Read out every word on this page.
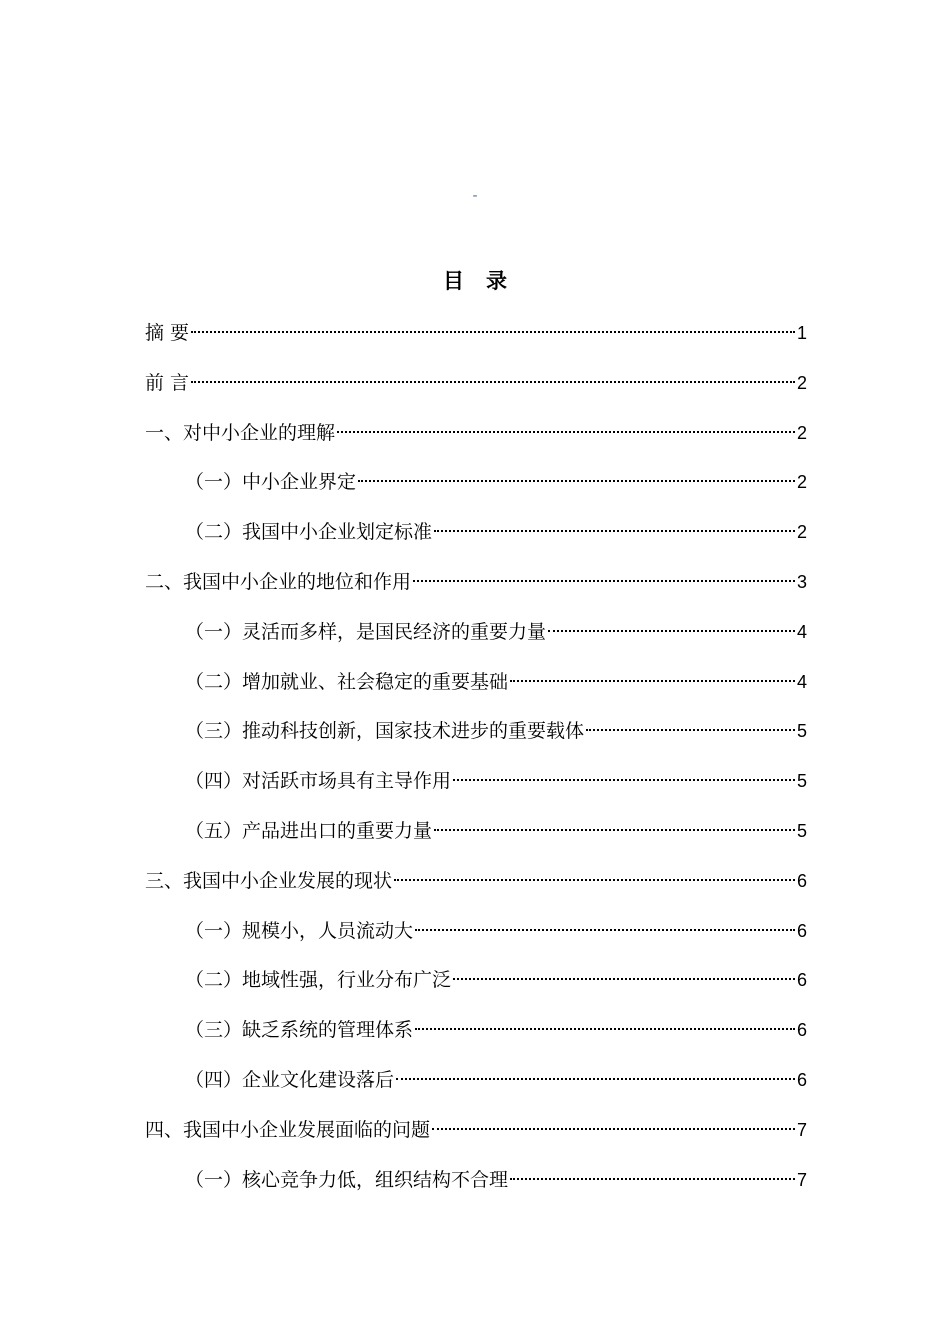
-
目录
摘 要	1
前 言	2
一、对中小企业的理解	2
（一）中小企业界定	2
（二）我国中小企业划定标准	2
二、我国中小企业的地位和作用	3
（一）灵活而多样，是国民经济的重要力量	4
（二）增加就业、社会稳定的重要基础	4
（三）推动科技创新，国家技术进步的重要载体	5
（四）对活跃市场具有主导作用	5
（五）产品进出口的重要力量	5
三、我国中小企业发展的现状	6
（一）规模小，人员流动大	6
（二）地域性强，行业分布广泛	6
（三）缺乏系统的管理体系	6
（四）企业文化建设落后	6
四、我国中小企业发展面临的问题	7
（一）核心竞争力低，组织结构不合理	7
